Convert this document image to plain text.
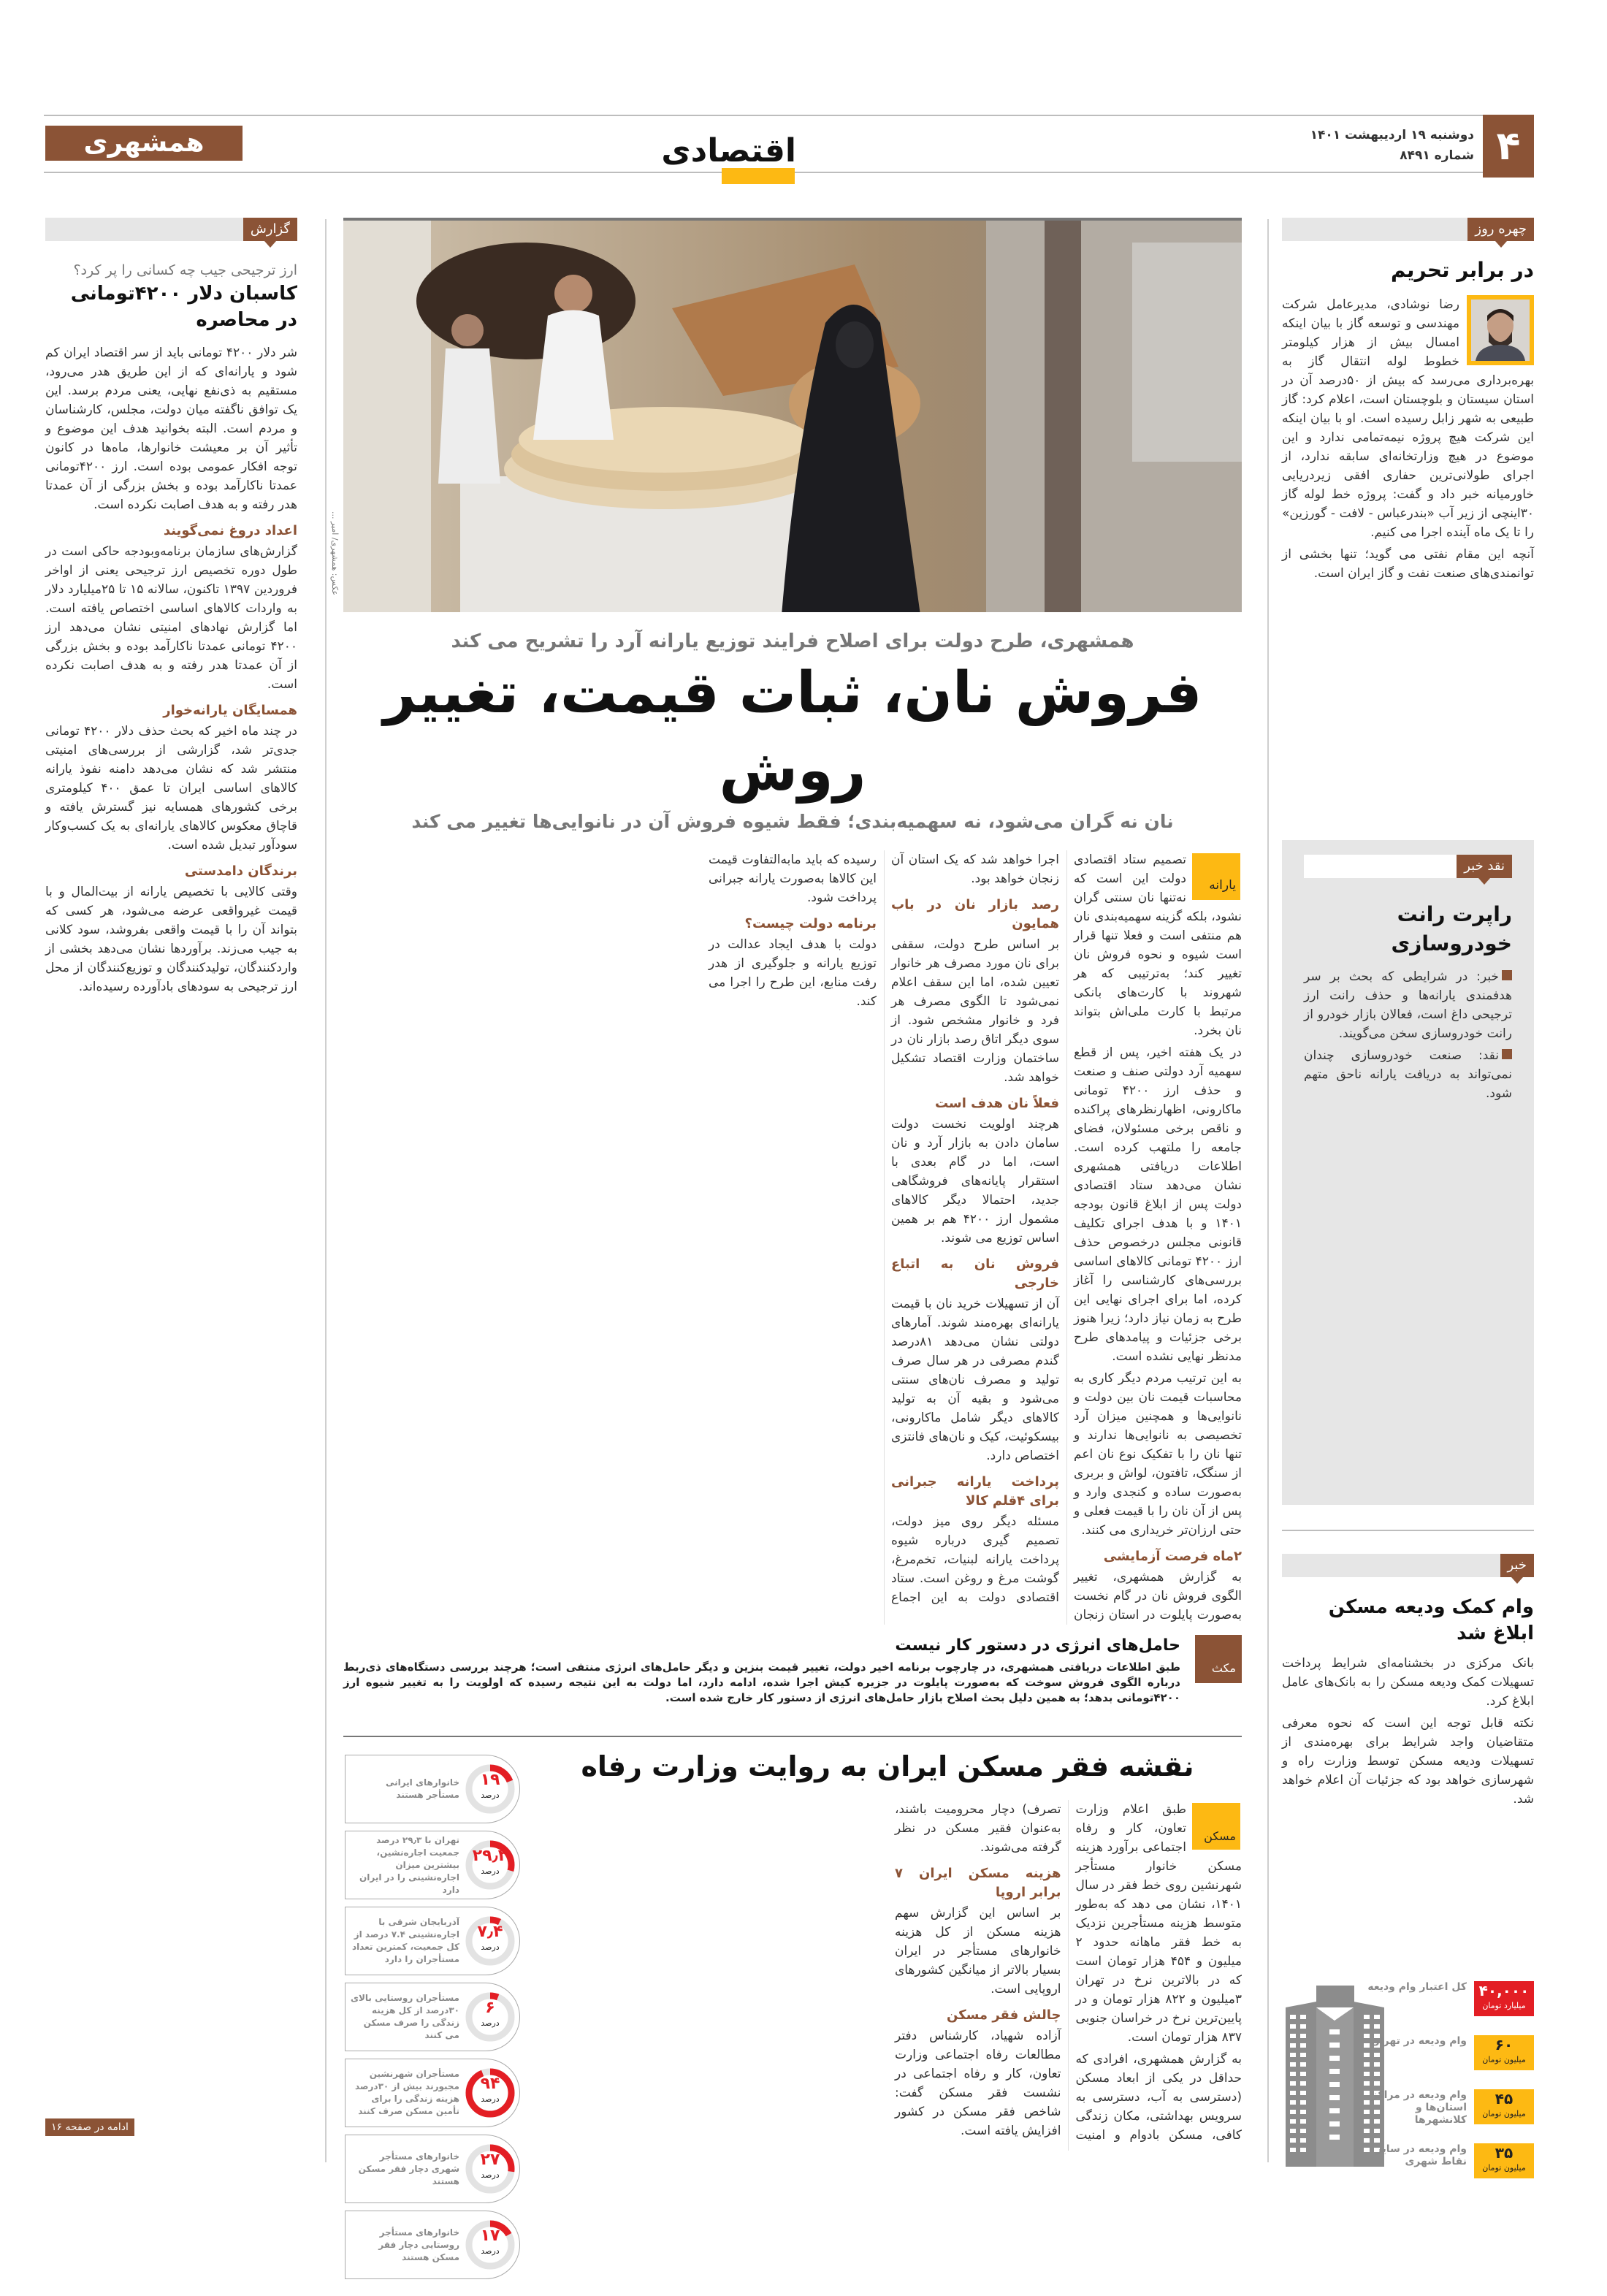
۴
دوشنبه ۱۹ اردیبهشت ۱۴۰۱
شماره ۸۴۹۱
اقتصادی
همشهری
چهره روز
در برابر تحریم

رضا نوشادی، مدیرعامل شرکت مهندسی و توسعه گاز با بیان اینکه امسال بیش از هزار کیلومتر خطوط لوله انتقال گاز به بهره‌برداری می‌رسد که بیش از ۵۰درصد آن در استان سیستان و بلوچستان است، اعلام کرد: گاز طبیعی به شهر زابل رسیده است. او با بیان اینکه این شرکت هیچ پروژه نیمه‌تمامی ندارد و این موضوع در هیچ وزارتخانه‌ای سابقه ندارد، از اجرای طولانی‌ترین حفاری افقی زیردریایی خاورمیانه خبر داد و گفت: پروژه خط لوله گاز ۳۰اینچی از زیر آب «بندرعباس - لافت - گورزین» را تا یک ماه آینده اجرا می کنیم.

آنچه این مقام نفتی می گوید؛ تنها بخشی از توانمندی‌های صنعت نفت و گاز ایران است.

نقد خبر
راپرت رانت خودروسازی

خبر: در شرایطی که بحث بر سر هدفمندی یارانه‌ها و حذف رانت ارز ترجیحی داغ است، فعالان بازار خودرو از رانت خودروسازی سخن می‌گویند.

نقد: صنعت خودروسازی چندان نمی‌تواند به دریافت یارانه ناحق متهم شود.

خبر
وام کمک ودیعه مسکن ابلاغ شد

بانک مرکزی در بخشنامه‌ای شرایط پرداخت تسهیلات کمک ودیعه مسکن را به بانک‌های عامل ابلاغ کرد.

نکته قابل توجه این است که نحوه معرفی متقاضیان واجد شرایط برای بهره‌مندی از تسهیلات ودیعه مسکن توسط وزارت راه و شهرسازی خواهد بود که جزئیات آن اعلام خواهد شد.

۴۰,۰۰۰
میلیارد تومان
کل اعتبار وام ودیعه
۶۰
میلیون تومان
وام ودیعه در تهران
۴۵
میلیون تومان
وام ودیعه در مراکز استان‌ها و کلانشهرها
۳۵
میلیون تومان
وام ودیعه در سایر نقاط شهری
گزارش
ارز ترجیحی جیب چه کسانی را پر کرد؟
کاسبان دلار ۴۲۰۰تومانی در محاصره

شر دلار ۴۲۰۰ تومانی باید از سر اقتصاد ایران کم شود و یارانه‌ای که از این طریق هدر می‌رود، مستقیم به ذی‌نفع نهایی، یعنی مردم برسد. این یک توافق ناگفته میان دولت، مجلس، کارشناسان و مردم است. البته بخوانید هدف این موضوع و تأثیر آن بر معیشت خانوارها، ماه‌ها در کانون توجه افکار عمومی بوده است. ارز ۴۲۰۰تومانی عمدتا ناکارآمد بوده و بخش بزرگی از آن عمدتا هدر رفته و به هدف اصابت نکرده است.

اعداد دروغ نمی‌گویند

گزارش‌های سازمان برنامه‌وبودجه حاکی است در طول دوره تخصیص ارز ترجیحی یعنی از اواخر فروردین ۱۳۹۷ تاکنون، سالانه ۱۵ تا ۲۵میلیارد دلار به واردات کالاهای اساسی اختصاص یافته است. اما گزارش نهادهای امنیتی نشان می‌دهد ارز ۴۲۰۰ تومانی عمدتا ناکارآمد بوده و بخش بزرگی از آن عمدتا هدر رفته و به هدف اصابت نکرده است.

همسایگان یارانه‌خوار

در چند ماه اخیر که بحث حذف دلار ۴۲۰۰ تومانی جدی‌تر شد، گزارشی از بررسی‌های امنیتی منتشر شد که نشان می‌دهد دامنه نفوذ یارانه کالاهای اساسی ایران تا عمق ۴۰۰ کیلومتری برخی کشورهای همسایه نیز گسترش یافته و قاچاق معکوس کالاهای یارانه‌ای به یک کسب‌وکار سودآور تبدیل شده است.

برندگان دامدستی

وقتی کالایی با تخصیص یارانه از بیت‌المال و با قیمت غیرواقعی عرضه می‌شود، هر کسی که بتواند آن را با قیمت واقعی بفروشد، سود کلانی به جیب می‌زند. برآوردها نشان می‌دهد بخشی از واردکنندگان، تولیدکنندگان و توزیع‌کنندگان از محل ارز ترجیحی به سودهای بادآورده رسیده‌اند.

ادامه در صفحه ۱۶
عکس: همشهری/ امیر ...
همشهری، طرح دولت برای اصلاح فرایند توزیع یارانه آرد را تشریح می کند
فروش نان، ثبات قیمت، تغییر روش
نان نه گران می‌شود، نه سهمیه‌بندی؛ فقط شیوه فروش آن در نانوایی‌ها تغییر می کند
یارانه

تصمیم ستاد اقتصادی دولت این است که نه‌تنها نان سنتی گران نشود، بلکه گزینه سهمیه‌بندی نان هم منتفی است و فعلا تنها قرار است شیوه و نحوه فروش نان تغییر کند؛ به‌ترتیبی که هر شهروند با کارت‌های بانکی مرتبط با کارت ملی‌اش بتواند نان بخرد.

در یک هفته اخیر، پس از قطع سهمیه آرد دولتی صنف و صنعت و حذف ارز ۴۲۰۰ تومانی ماکارونی، اظهارنظرهای پراکنده و ناقص برخی مسئولان، فضای جامعه را ملتهب کرده است. اطلاعات دریافتی همشهری نشان می‌دهد ستاد اقتصادی دولت پس از ابلاغ قانون بودجه ۱۴۰۱ و با هدف اجرای تکلیف قانونی مجلس درخصوص حذف ارز ۴۲۰۰ تومانی کالاهای اساسی بررسی‌های کارشناسی را آغاز کرده، اما برای اجرای نهایی این طرح به زمان نیاز دارد؛ زیرا هنوز برخی جزئیات و پیامدهای طرح مدنظر نهایی نشده است.

به این ترتیب مردم دیگر کاری به محاسبات قیمت نان بین دولت و نانوایی‌ها و همچنین میزان آرد تخصیصی به نانوایی‌ها ندارند و تنها نان را با تفکیک نوع نان اعم از سنگک، تافتون، لواش و بربری به‌صورت ساده و کنجدی وارد و پس از آن نان را با قیمت فعلی و حتی ارزان‌تر خریداری می کنند.

۲ماه فرصت آزمایشی

به گزارش همشهری، تغییر الگوی فروش نان در گام نخست به‌صورت پایلوت در استان زنجان اجرا خواهد شد که یک استان آن زنجان خواهد بود.

رصد بازار نان در باب همایون

بر اساس طرح دولت، سقفی برای نان مورد مصرف هر خانوار تعیین شده، اما این سقف اعلام نمی‌شود تا الگوی مصرف هر فرد و خانوار مشخص شود. از سوی دیگر اتاق رصد بازار نان در ساختمان وزارت اقتصاد تشکیل خواهد شد.

فعلاً نان هدف است

هرچند اولویت نخست دولت سامان دادن به بازار آرد و نان است، اما در گام بعدی با استقرار پایانه‌های فروشگاهی جدید، احتمالا دیگر کالاهای مشمول ارز ۴۲۰۰ هم بر همین اساس توزیع می شوند.

فروش نان به اتباع خارجی

آن از تسهیلات خرید نان با قیمت یارانه‌ای بهره‌مند شوند. آمارهای دولتی نشان می‌دهد ۸۱درصد گندم مصرفی در هر سال صرف تولید و مصرف نان‌های سنتی می‌شود و بقیه آن به تولید کالاهای دیگر شامل ماکارونی، بیسکوئیت، کیک و نان‌های فانتزی اختصاص دارد.

پرداخت یارانه جبرانی برای ۴قلم کالا

مسئله دیگر روی میز دولت، تصمیم گیری درباره شیوه پرداخت یارانه لبنیات، تخم‌مرغ، گوشت مرغ و روغن است. ستاد اقتصادی دولت به این اجماع رسیده که باید مابه‌التفاوت قیمت این کالاها به‌صورت یارانه جبرانی پرداخت شود.

برنامه دولت چیست؟

دولت با هدف ایجاد عدالت در توزیع یارانه و جلوگیری از هدر رفت منابع، این طرح را اجرا می کند.

مکث
حامل‌های انرژی در دستور کار نیست
طبق اطلاعات دریافتی همشهری، در چارچوب برنامه اخیر دولت، تغییر قیمت بنزین و دیگر حامل‌های انرژی منتفی است؛ هرچند بررسی دستگاه‌های ذی‌ربط درباره الگوی فروش سوخت که به‌صورت پایلوت در جزیره کیش اجرا شده، ادامه دارد، اما دولت به این نتیجه رسیده که اولویت را به تغییر شیوه ارز ۴۲۰۰تومانی بدهد؛ به همین دلیل بحث اصلاح بازار حامل‌های انرژی از دستور کار خارج شده است.
نقشه فقر مسکن ایران به روایت وزارت رفاه
مسکن

طبق اعلام وزارت تعاون، کار و رفاه اجتماعی برآورد هزینه مسکن خانوار مستأجر شهرنشین روی خط فقر در سال ۱۴۰۱، نشان می دهد که به‌طور متوسط هزینه مستأجرین نزدیک به خط فقر ماهانه حدود ۲ میلیون و ۴۵۴ هزار تومان است که در بالاترین نرخ در تهران ۳میلیون و ۸۲۲ هزار تومان و در پایین‌ترین نرخ در خراسان جنوبی ۸۳۷ هزار تومان است.

به گزارش همشهری، افرادی که حداقل در یکی از ابعاد مسکن (دسترسی به آب، دسترسی به سرویس بهداشتی، مکان زندگی کافی، مسکن بادوام و امنیت تصرف) دچار محرومیت باشند، به‌عنوان فقیر مسکن در نظر گرفته می‌شوند.

هزینه مسکن ایران ۷ برابر اروپا

بر اساس این گزارش سهم هزینه مسکن از کل هزینه خانوارهای مستأجر در ایران بسیار بالاتر از میانگین کشورهای اروپایی است.

چالش فقر مسکن

آزاده شهیاد، کارشناس دفتر مطالعات رفاه اجتماعی وزارت تعاون، کار و رفاه اجتماعی در نشست فقر مسکن گفت: شاخص فقر مسکن در کشور افزایش یافته است.

۱۹
درصد
خانوارهای ایرانی مستأجر هستند
۲۹٫۳
درصد
تهران با ۲۹٫۳ درصد جمعیت اجاره‌نشین، بیشترین میزان اجاره‌نشینی را در ایران دارد
۷٫۴
درصد
آذربایجان شرقی با اجاره‌نشینی ۷.۴ درصد از کل جمعیت، کمترین تعداد مستأجران را دارد
۶
درصد
مستأجران روستایی بالای ۳۰درصد از کل هزینه زندگی را صرف مسکن می کنند
۹۴
درصد
مستأجران شهرنشین مجبورند بیش از ۳۰درصد هزینه زندگی را برای تأمین مسکن صرف کنند
۲۷
درصد
خانوارهای مستأجر شهری دچار فقر مسکن هستند
۱۷
درصد
خانوارهای مستأجر روستایی دچار فقر مسکن هستند
